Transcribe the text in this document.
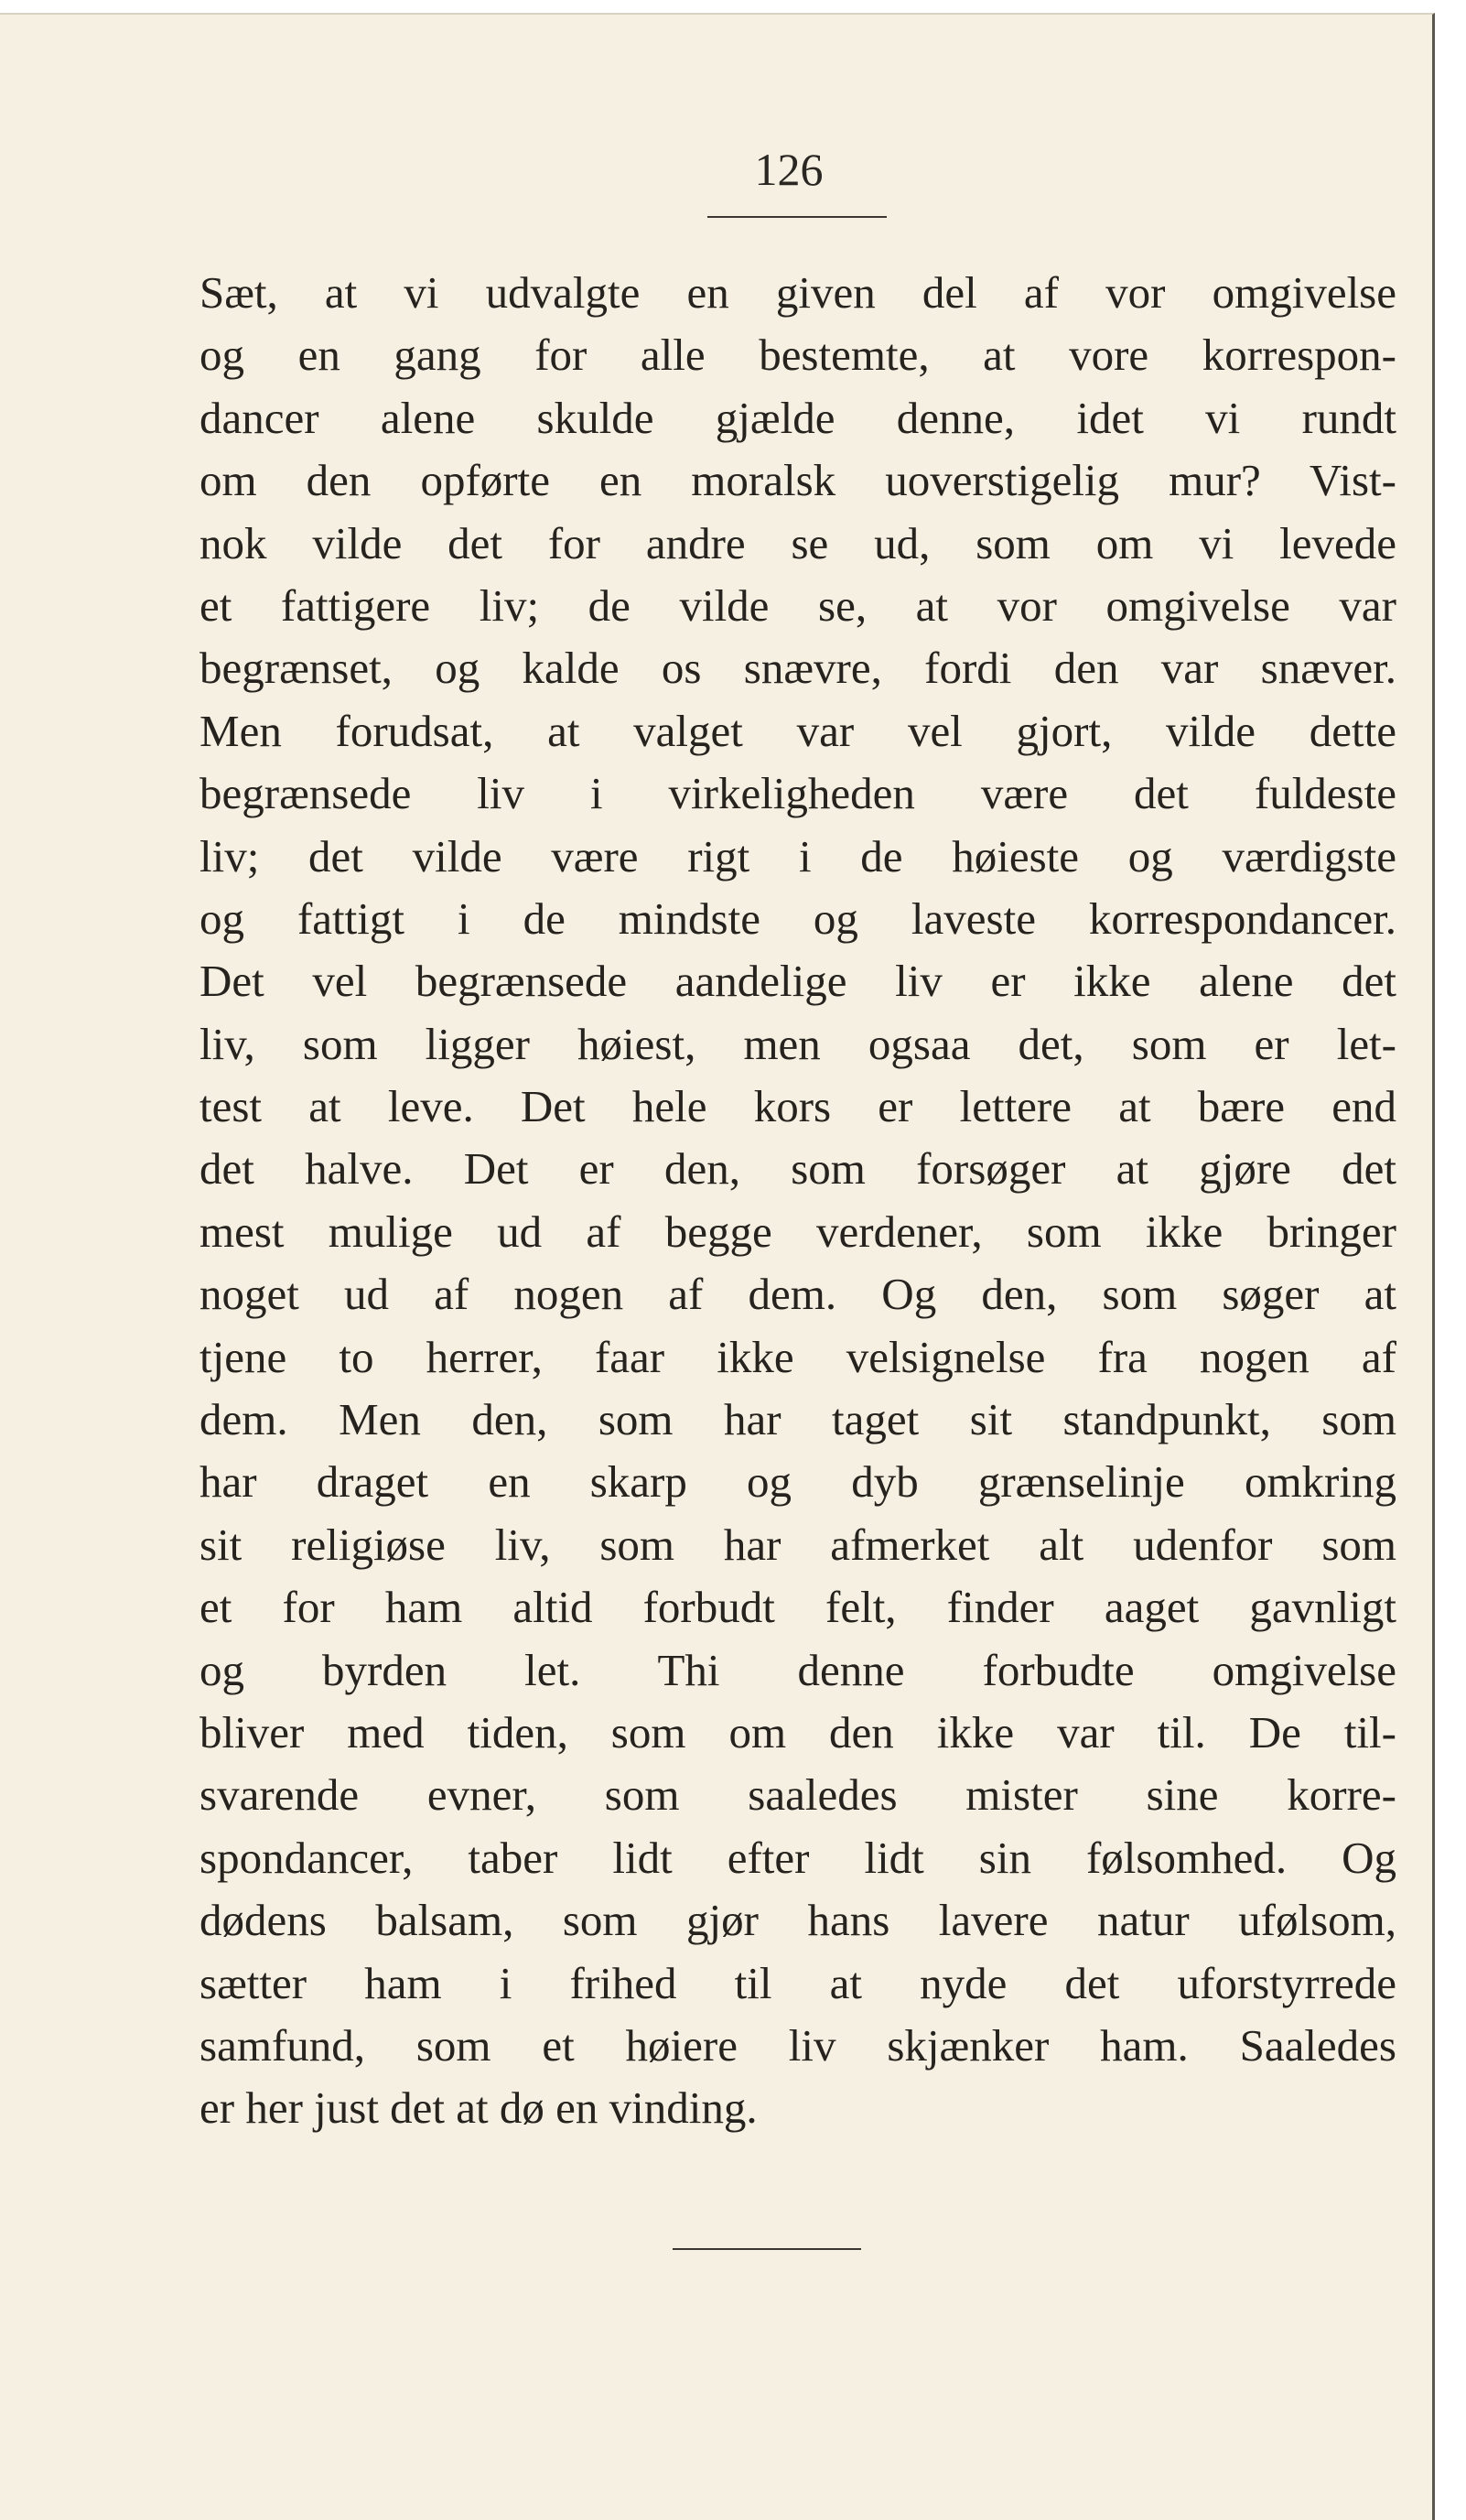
126
Sæt, at vi udvalgte en given del af vor omgivelse
og en gang for alle bestemte, at vore korrespon-
dancer alene skulde gjælde denne, idet vi rundt
om den opførte en moralsk uoverstigelig mur? Vist-
nok vilde det for andre se ud, som om vi levede
et fattigere liv; de vilde se, at vor omgivelse var
begrænset, og kalde os snævre, fordi den var snæver.
Men forudsat, at valget var vel gjort, vilde dette
begrænsede liv i virkeligheden være det fuldeste
liv; det vilde være rigt i de høieste og værdigste
og fattigt i de mindste og laveste korrespondancer.
Det vel begrænsede aandelige liv er ikke alene det
liv, som ligger høiest, men ogsaa det, som er let-
test at leve. Det hele kors er lettere at bære end
det halve. Det er den, som forsøger at gjøre det
mest mulige ud af begge verdener, som ikke bringer
noget ud af nogen af dem. Og den, som søger at
tjene to herrer, faar ikke velsignelse fra nogen af
dem. Men den, som har taget sit standpunkt, som
har draget en skarp og dyb grænselinje omkring
sit religiøse liv, som har afmerket alt udenfor som
et for ham altid forbudt felt, finder aaget gavnligt
og byrden let. Thi denne forbudte omgivelse
bliver med tiden, som om den ikke var til. De til-
svarende evner, som saaledes mister sine korre-
spondancer, taber lidt efter lidt sin følsomhed. Og
dødens balsam, som gjør hans lavere natur ufølsom,
sætter ham i frihed til at nyde det uforstyrrede
samfund, som et høiere liv skjænker ham. Saaledes
er her just det at dø en vinding.
